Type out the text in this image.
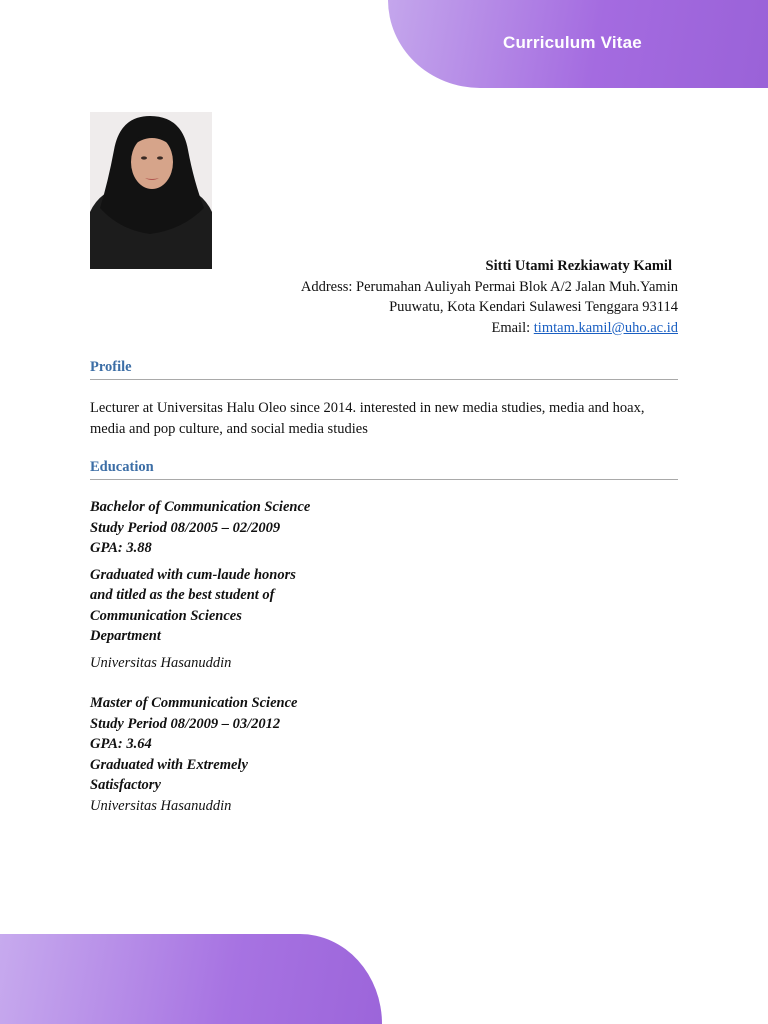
Curriculum Vitae
Sitti Utami Rezkiawaty Kamil
Address: Perumahan Auliyah Permai Blok A/2 Jalan Muh.Yamin
Puuwatu, Kota Kendari Sulawesi Tenggara 93114
Email: timtam.kamil@uho.ac.id
Profile
Lecturer at Universitas Halu Oleo since 2014. interested in new media studies, media and hoax, media and pop culture, and social media studies
Education
Bachelor of Communication Science
Study Period 08/2005 – 02/2009
GPA: 3.88
Graduated with cum-laude honors and titled as the best student of Communication Sciences Department
Universitas Hasanuddin
Master of Communication Science
Study Period 08/2009 – 03/2012
GPA: 3.64
Graduated with Extremely Satisfactory
Universitas Hasanuddin
